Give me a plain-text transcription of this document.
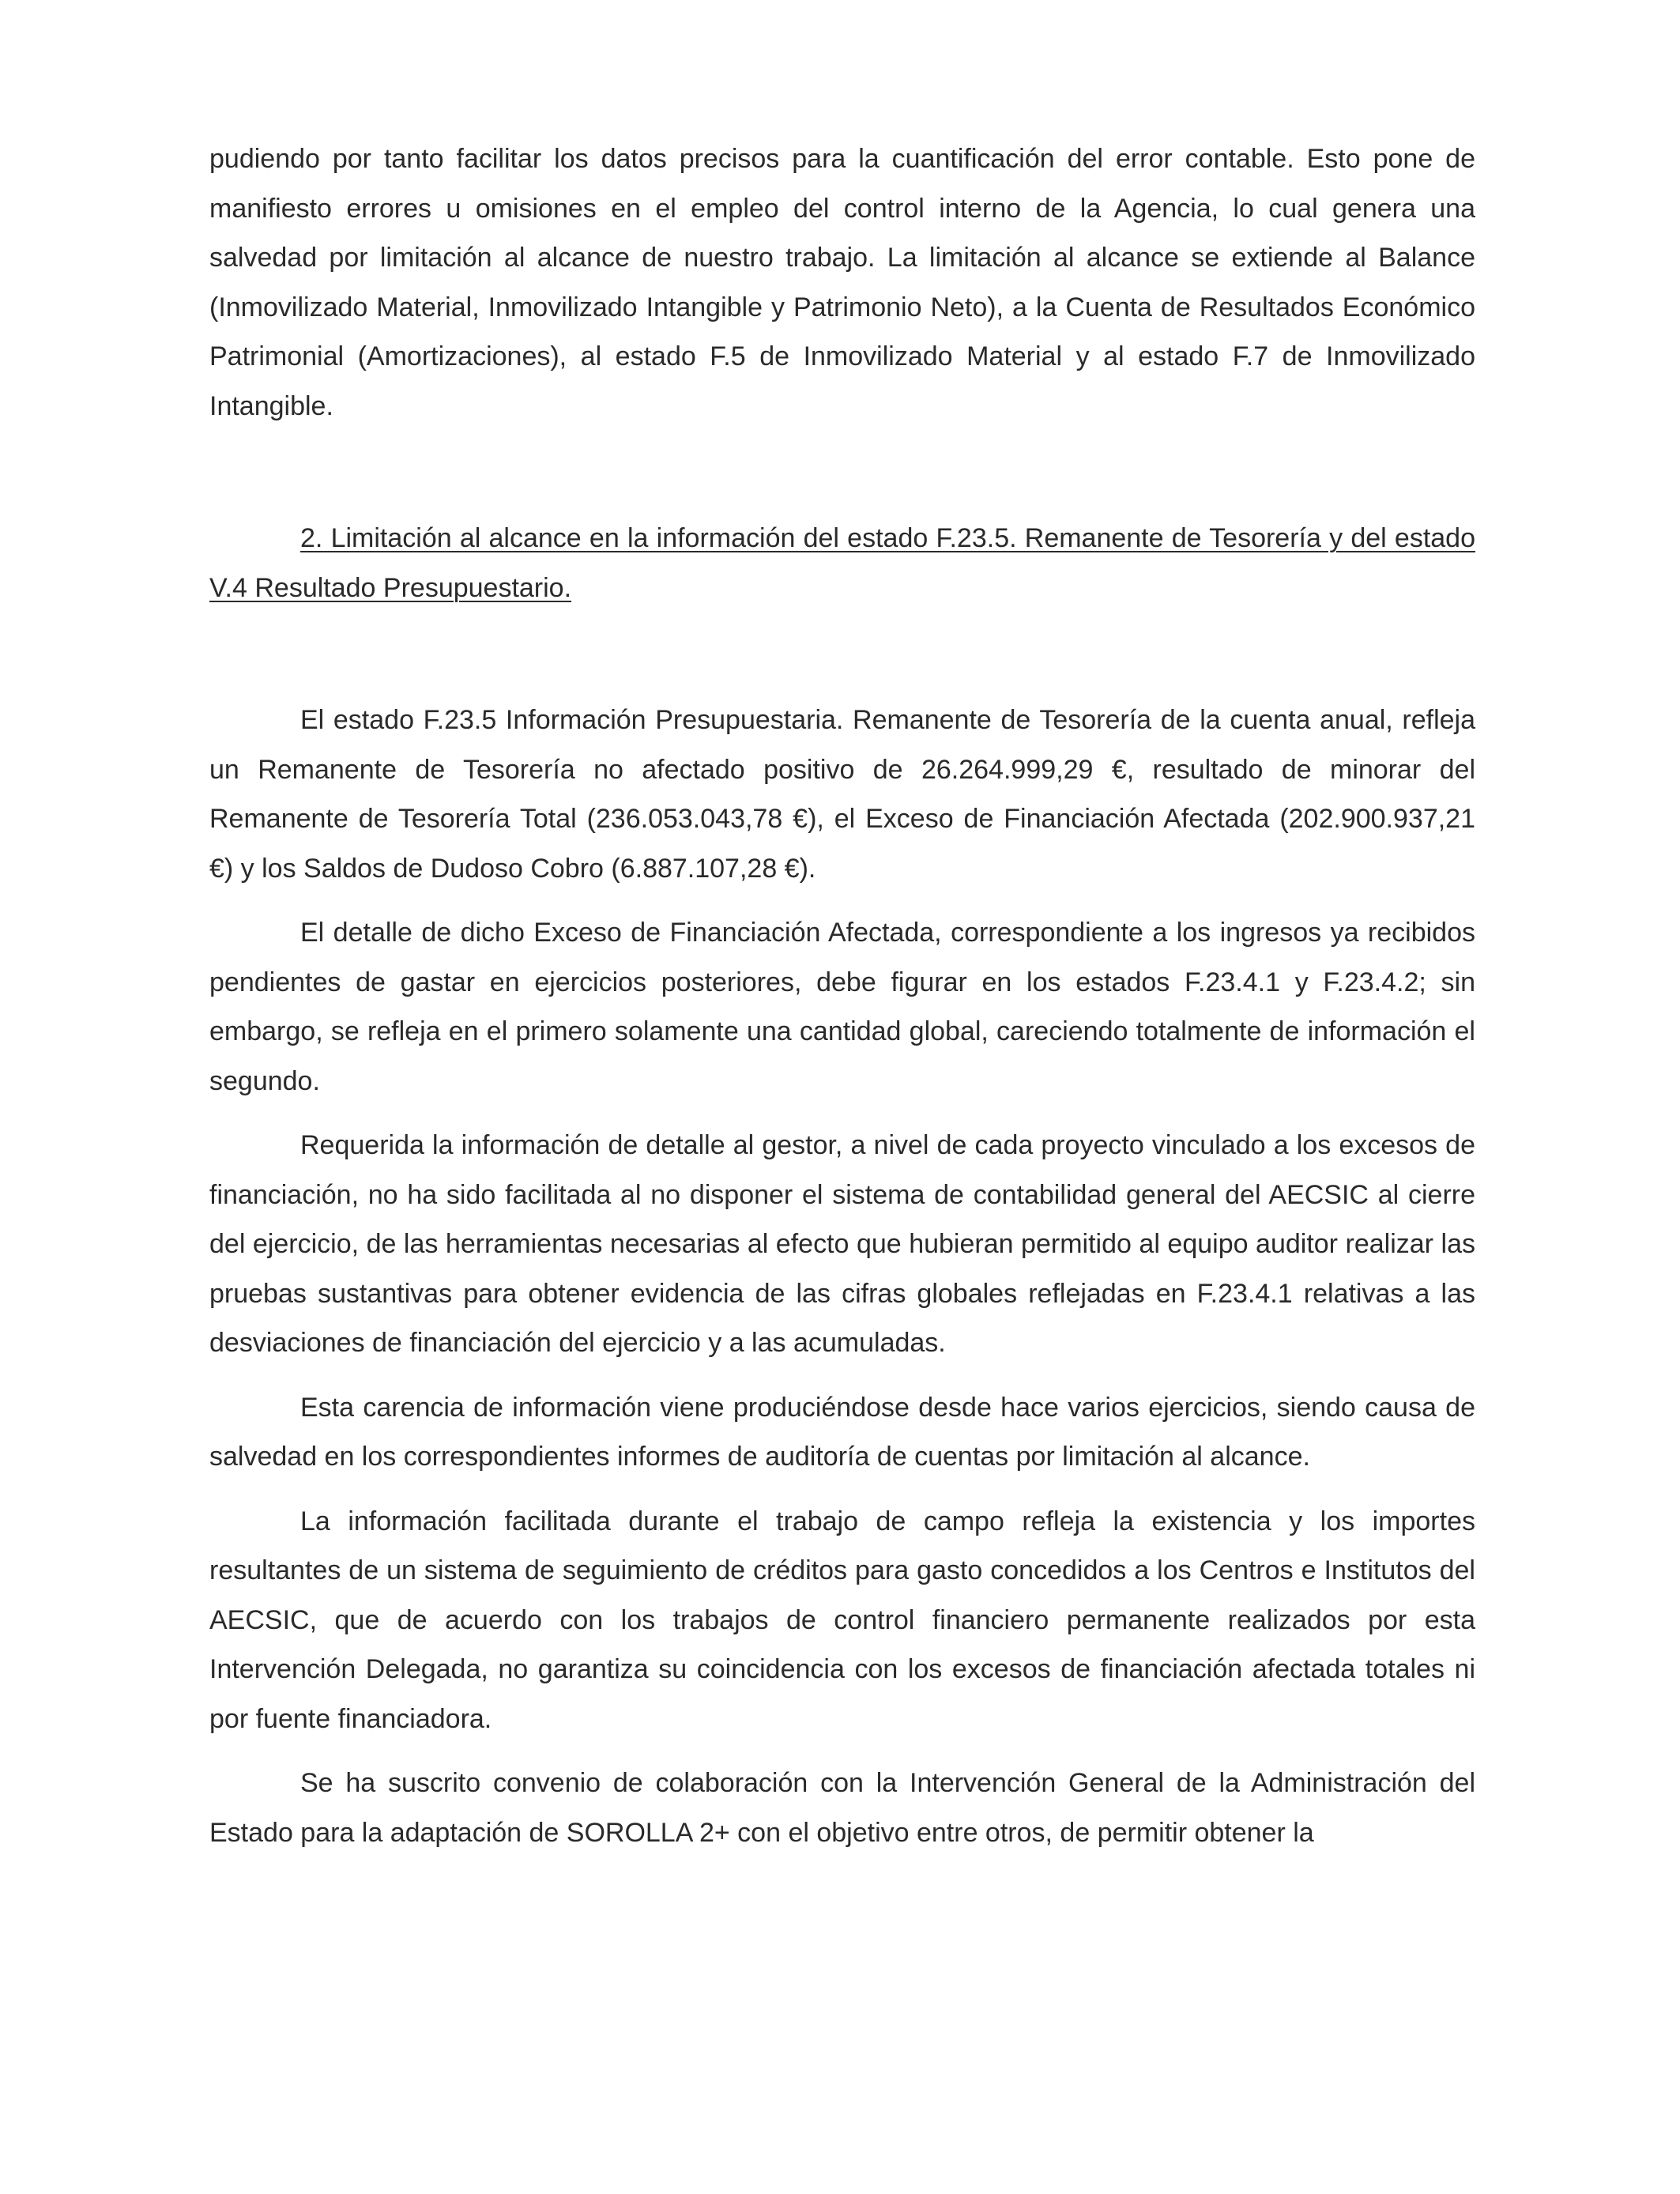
pudiendo por tanto facilitar los datos precisos para la cuantificación del error contable. Esto pone de manifiesto errores u omisiones en el empleo del control interno de la Agencia, lo cual genera una salvedad por limitación al alcance de nuestro trabajo. La limitación al alcance se extiende al Balance (Inmovilizado Material, Inmovilizado Intangible y Patrimonio Neto), a la Cuenta de Resultados Económico Patrimonial (Amortizaciones), al estado F.5 de Inmovilizado Material y al estado F.7 de Inmovilizado Intangible.

2. Limitación al alcance en la información del estado F.23.5. Remanente de Tesorería y del estado V.4 Resultado Presupuestario.

El estado F.23.5 Información Presupuestaria. Remanente de Tesorería de la cuenta anual, refleja un Remanente de Tesorería no afectado positivo de 26.264.999,29 €, resultado de minorar del Remanente de Tesorería Total (236.053.043,78 €), el Exceso de Financiación Afectada (202.900.937,21 €) y los Saldos de Dudoso Cobro (6.887.107,28 €).

El detalle de dicho Exceso de Financiación Afectada, correspondiente a los ingresos ya recibidos pendientes de gastar en ejercicios posteriores, debe figurar en los estados F.23.4.1 y F.23.4.2; sin embargo, se refleja en el primero solamente una cantidad global, careciendo totalmente de información el segundo.

Requerida la información de detalle al gestor, a nivel de cada proyecto vinculado a los excesos de financiación, no ha sido facilitada al no disponer el sistema de contabilidad general del AECSIC al cierre del ejercicio, de las herramientas necesarias al efecto que hubieran permitido al equipo auditor realizar las pruebas sustantivas para obtener evidencia de las cifras globales reflejadas en F.23.4.1 relativas a las desviaciones de financiación del ejercicio y a las acumuladas.

Esta carencia de información viene produciéndose desde hace varios ejercicios, siendo causa de salvedad en los correspondientes informes de auditoría de cuentas por limitación al alcance.

La información facilitada durante el trabajo de campo refleja la existencia y los importes resultantes de un sistema de seguimiento de créditos para gasto concedidos a los Centros e Institutos del AECSIC, que de acuerdo con los trabajos de control financiero permanente realizados por esta Intervención Delegada, no garantiza su coincidencia con los excesos de financiación afectada totales ni por fuente financiadora.

Se ha suscrito convenio de colaboración con la Intervención General de la Administración del Estado para la adaptación de SOROLLA 2+ con el objetivo entre otros, de permitir obtener la
